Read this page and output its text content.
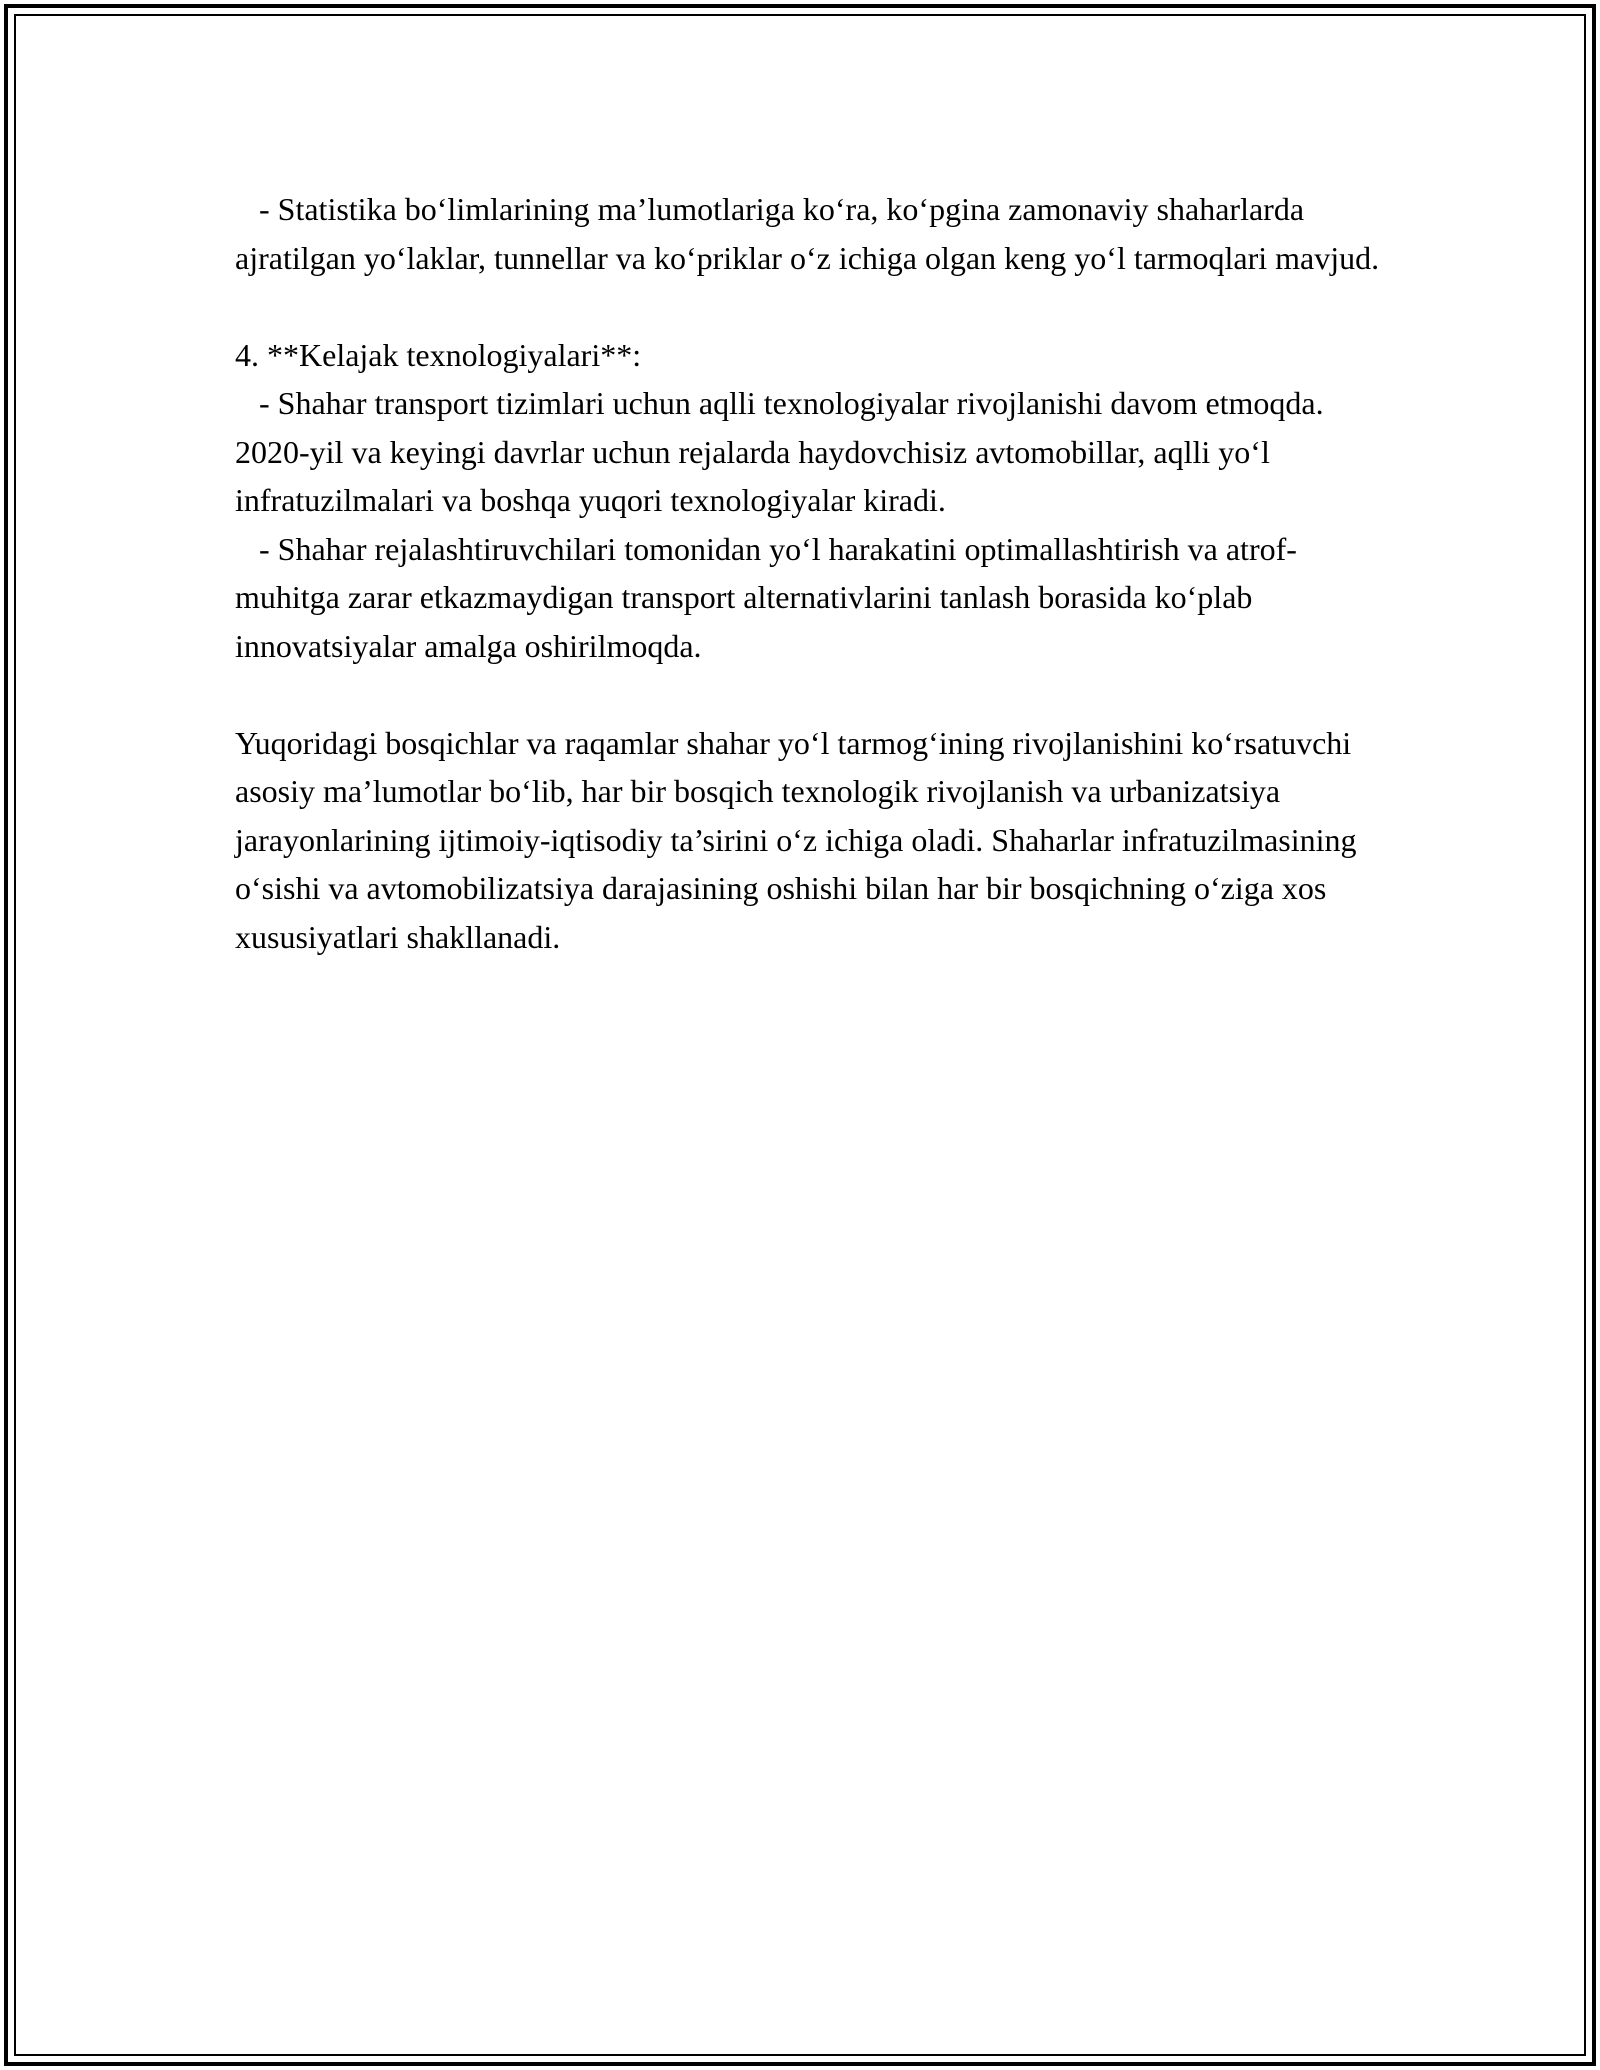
- Statistika bo‘limlarining ma’lumotlariga ko‘ra, ko‘pgina zamonaviy shaharlarda ajratilgan yo‘laklar, tunnellar va ko‘priklar o‘z ichiga olgan keng yo‘l tarmoqlari mavjud.

4. **Kelajak texnologiyalari**:

- Shahar transport tizimlari uchun aqlli texnologiyalar rivojlanishi davom etmoqda. 2020-yil va keyingi davrlar uchun rejalarda haydovchisiz avtomobillar, aqlli yo‘l infratuzilmalari va boshqa yuqori texnologiyalar kiradi.

- Shahar rejalashtiruvchilari tomonidan yo‘l harakatini optimallashtirish va atrof-muhitga zarar etkazmaydigan transport alternativlarini tanlash borasida ko‘plab innovatsiyalar amalga oshirilmoqda.

Yuqoridagi bosqichlar va raqamlar shahar yo‘l tarmog‘ining rivojlanishini ko‘rsatuvchi asosiy ma’lumotlar bo‘lib, har bir bosqich texnologik rivojlanish va urbanizatsiya jarayonlarining ijtimoiy-iqtisodiy ta’sirini o‘z ichiga oladi. Shaharlar infratuzilmasining o‘sishi va avtomobilizatsiya darajasining oshishi bilan har bir bosqichning o‘ziga xos xususiyatlari shakllanadi.
